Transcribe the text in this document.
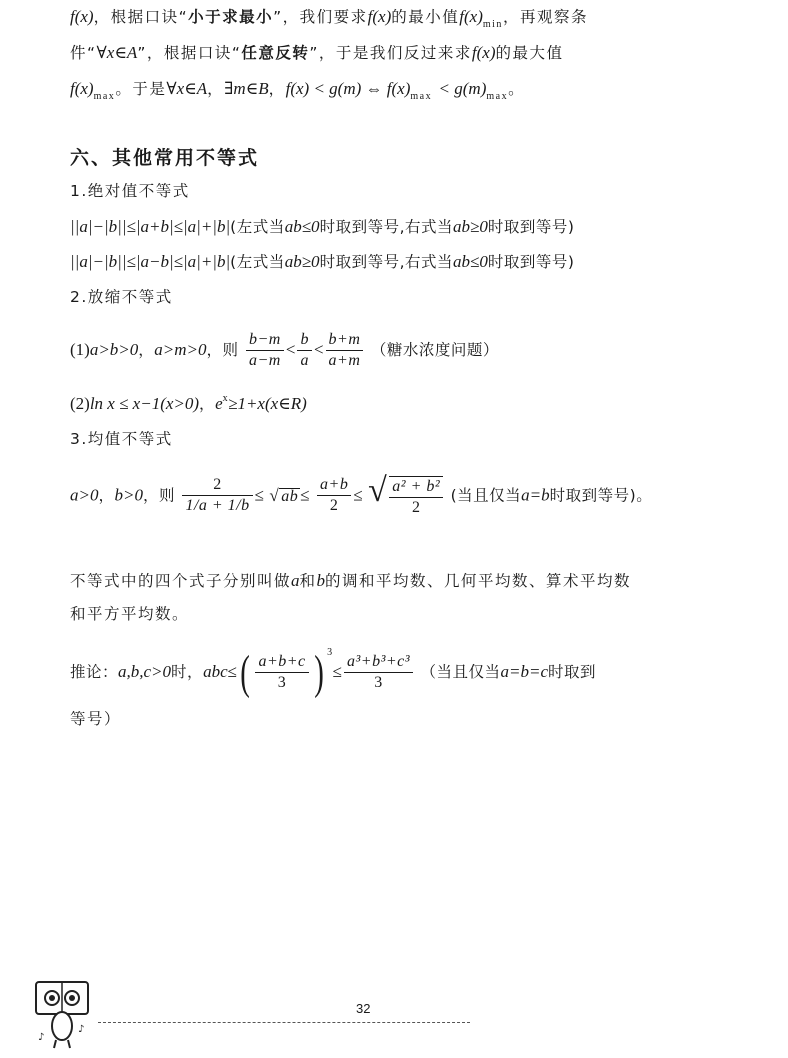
f(x)，根据口诀“小于求最小”，我们要求f(x)的最小值$f(x)_{min}$，再观察条
件“∀x∈A”，根据口诀“任意反转”，于是我们反过来求f(x)的最大值
$f(x)_{max}$。于是∀x∈A，∃m∈B，f(x) < g(m) ⇔ $f(x)_{max} < g(m)_{max}$。
六、其他常用不等式
1.绝对值不等式
||a|−|b||≤|a+b|≤|a|+|b|(左式当ab≤0时取到等号,右式当ab≥0时取到等号)
||a|−|b||≤|a−b|≤|a|+|b|(左式当ab≥0时取到等号,右式当ab≤0时取到等号)
2.放缩不等式
(1)a>b>0，a>m>0，则 $\frac{b-m}{a-m} < \frac{b}{a} < \frac{b+m}{a+m}$ （糖水浓度问题）
(2)ln x ≤ x−1(x>0)，$e^x\ge 1+x(x\in R)$
3.均值不等式
a>0，b>0，则 $\frac{2}{1/a + 1/b}$ ≤ √ ab ≤ $\frac{a+b}{2}$ ≤ √ $\frac{\text{a² + b²}}{2}$ (当且仅当a=b时取到等号)。
不等式中的四个式子分别叫做a和b的调和平均数、几何平均数、算术平均数
和平方平均数。
推论：a,b,c>0时，$abc\le( \frac{a+b+c}{3}$ ) $^3\le \frac{\text{a³+b³+c³}}{3}$ （当且仅当a=b=c时取到
等号）
♪
♪
32
